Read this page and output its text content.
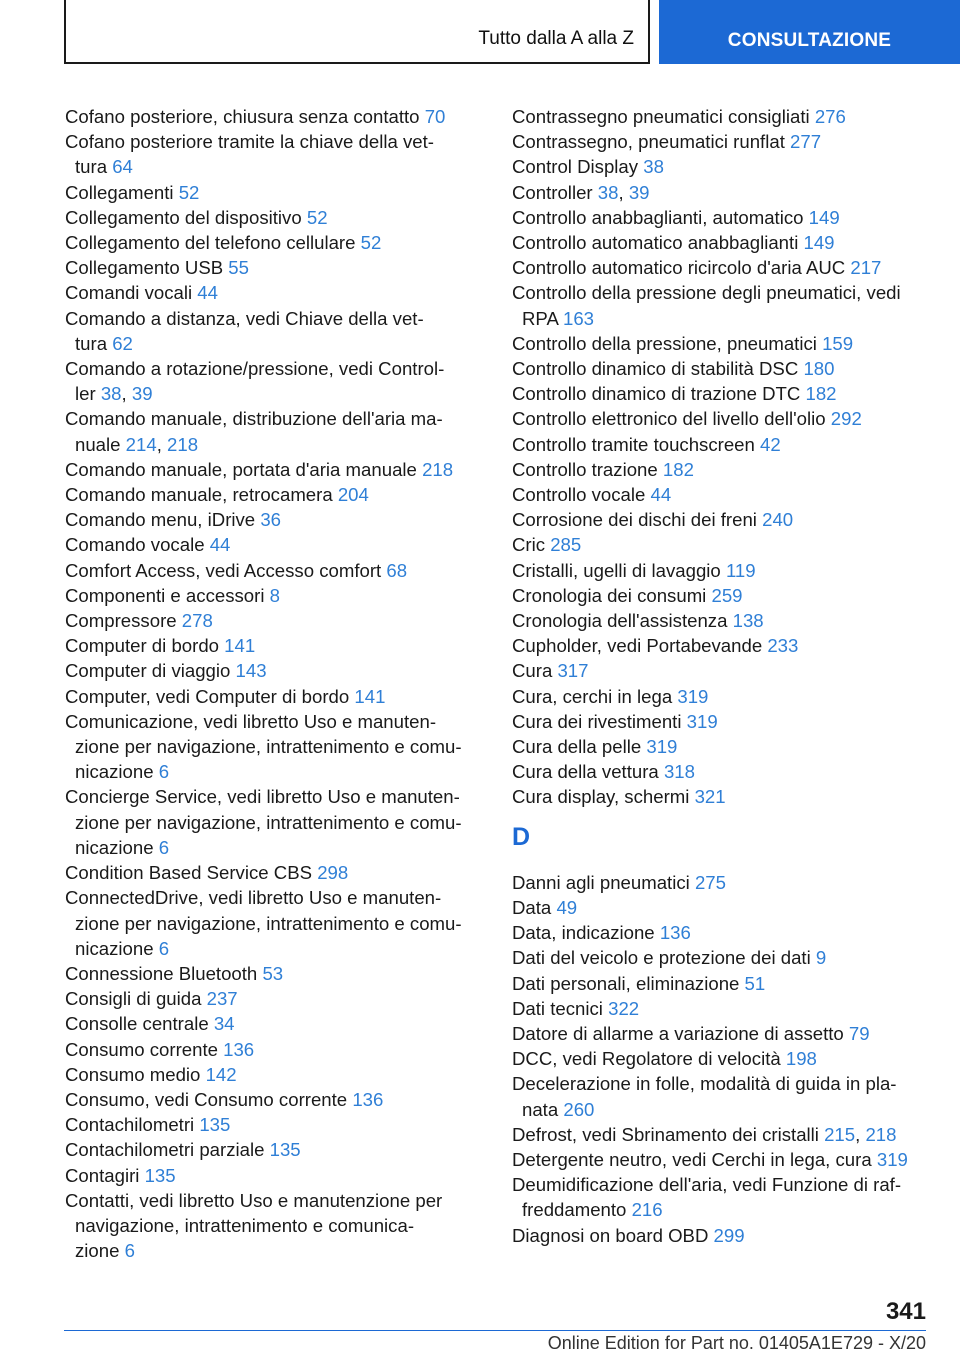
Tutto dalla A alla Z	CONSULTAZIONE
Cofano posteriore, chiusura senza contatto 70
Cofano posteriore tramite la chiave della vet-
tura 64
Collegamenti 52
Collegamento del dispositivo 52
Collegamento del telefono cellulare 52
Collegamento USB 55
Comandi vocali 44
Comando a distanza, vedi Chiave della vet-
tura 62
Comando a rotazione/pressione, vedi Control-
ler 38, 39
Comando manuale, distribuzione dell'aria ma-
nuale 214, 218
Comando manuale, portata d'aria manuale 218
Comando manuale, retrocamera 204
Comando menu, iDrive 36
Comando vocale 44
Comfort Access, vedi Accesso comfort 68
Componenti e accessori 8
Compressore 278
Computer di bordo 141
Computer di viaggio 143
Computer, vedi Computer di bordo 141
Comunicazione, vedi libretto Uso e manuten-
zione per navigazione, intrattenimento e comu-
nicazione 6
Concierge Service, vedi libretto Uso e manuten-
zione per navigazione, intrattenimento e comu-
nicazione 6
Condition Based Service CBS 298
ConnectedDrive, vedi libretto Uso e manuten-
zione per navigazione, intrattenimento e comu-
nicazione 6
Connessione Bluetooth 53
Consigli di guida 237
Consolle centrale 34
Consumo corrente 136
Consumo medio 142
Consumo, vedi Consumo corrente 136
Contachilometri 135
Contachilometri parziale 135
Contagiri 135
Contatti, vedi libretto Uso e manutenzione per
navigazione, intrattenimento e comunica-
zione 6
Contrassegno pneumatici consigliati 276
Contrassegno, pneumatici runflat 277
Control Display 38
Controller 38, 39
Controllo anabbaglianti, automatico 149
Controllo automatico anabbaglianti 149
Controllo automatico ricircolo d'aria AUC 217
Controllo della pressione degli pneumatici, vedi
RPA 163
Controllo della pressione, pneumatici 159
Controllo dinamico di stabilità DSC 180
Controllo dinamico di trazione DTC 182
Controllo elettronico del livello dell'olio 292
Controllo tramite touchscreen 42
Controllo trazione 182
Controllo vocale 44
Corrosione dei dischi dei freni 240
Cric 285
Cristalli, ugelli di lavaggio 119
Cronologia dei consumi 259
Cronologia dell'assistenza 138
Cupholder, vedi Portabevande 233
Cura 317
Cura, cerchi in lega 319
Cura dei rivestimenti 319
Cura della pelle 319
Cura della vettura 318
Cura display, schermi 321
D
Danni agli pneumatici 275
Data 49
Data, indicazione 136
Dati del veicolo e protezione dei dati 9
Dati personali, eliminazione 51
Dati tecnici 322
Datore di allarme a variazione di assetto 79
DCC, vedi Regolatore di velocità 198
Decelerazione in folle, modalità di guida in pla-
nata 260
Defrost, vedi Sbrinamento dei cristalli 215, 218
Detergente neutro, vedi Cerchi in lega, cura 319
Deumidificazione dell'aria, vedi Funzione di raf-
freddamento 216
Diagnosi on board OBD 299
341
Online Edition for Part no. 01405A1E729 - X/20
